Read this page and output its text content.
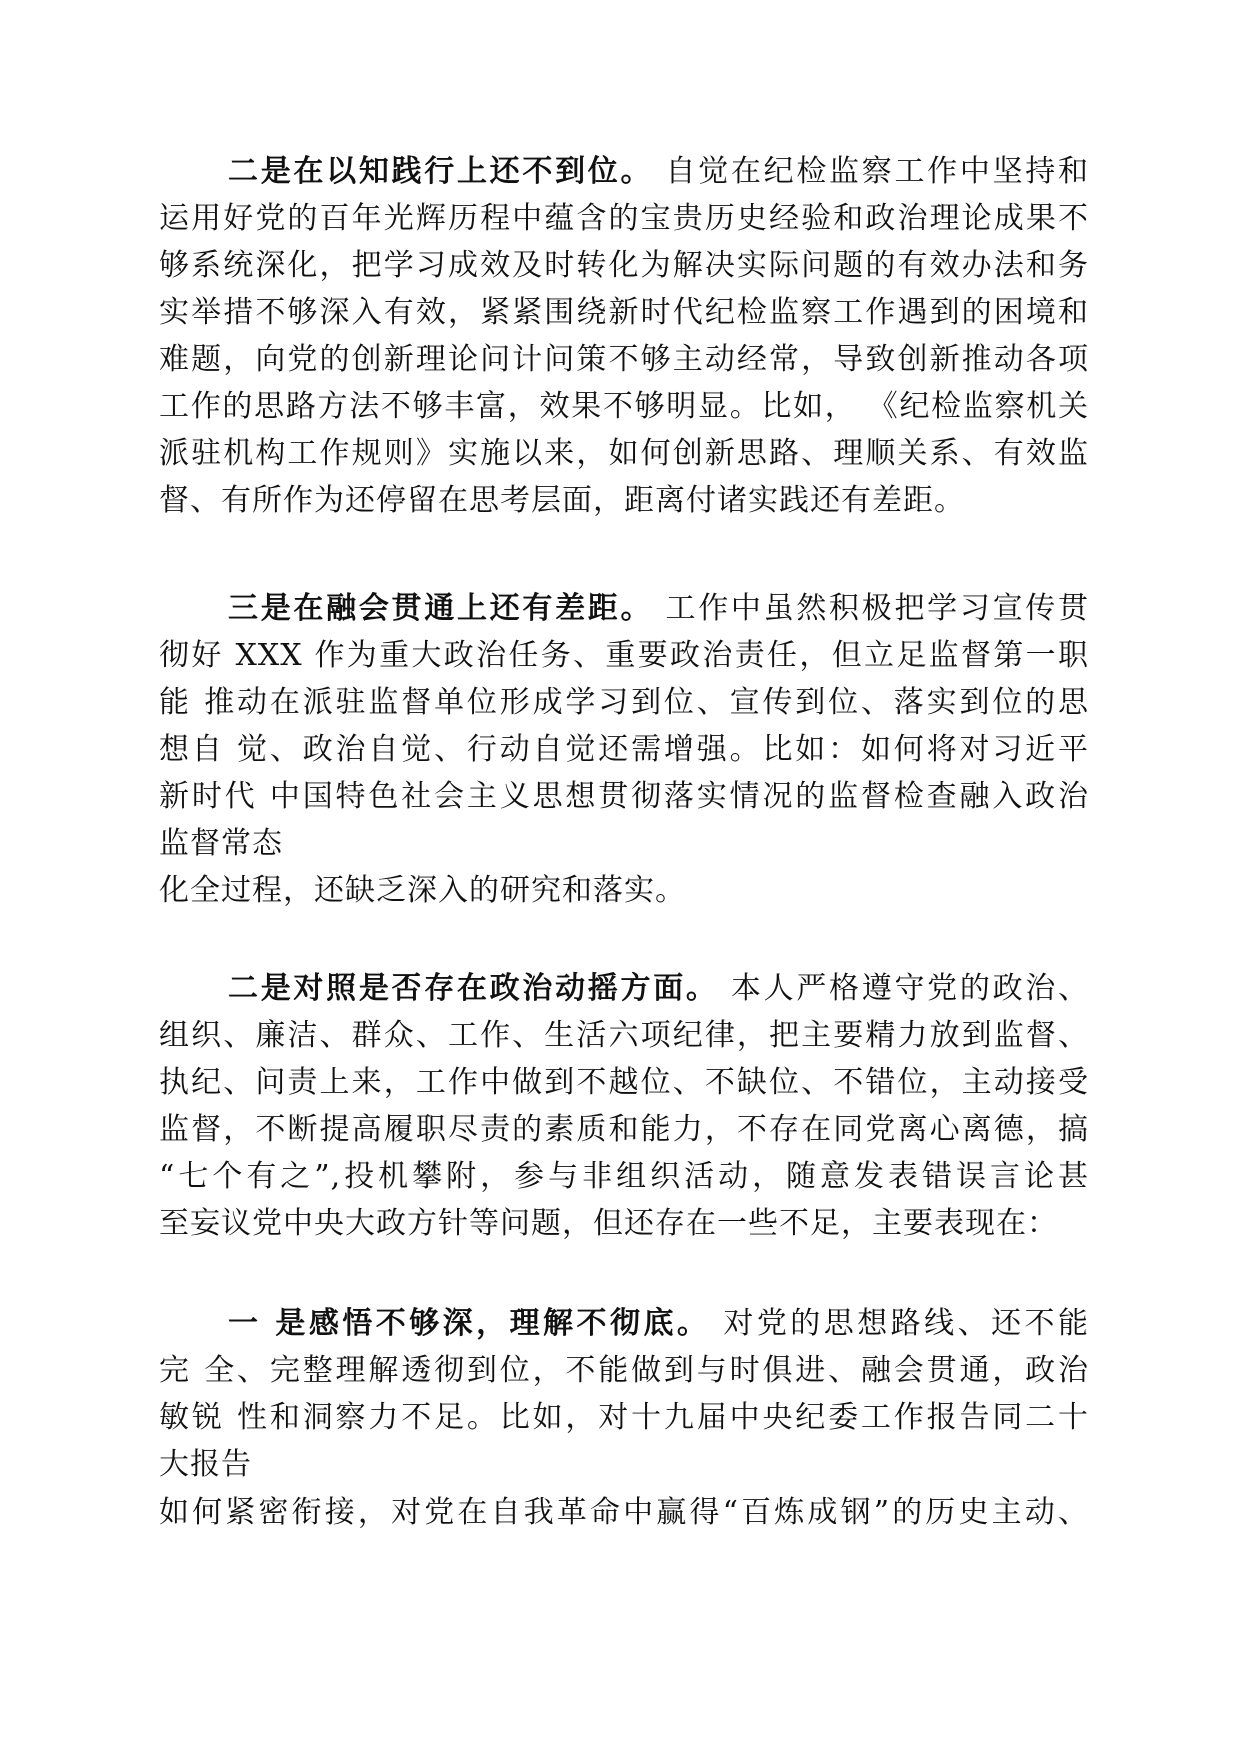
二是在以知践行上还不到位。 自觉在纪检监察工作中坚持和

运用好党的百年光辉历程中蕴含的宝贵历史经验和政治理论成果不

够系统深化，把学习成效及时转化为解决实际问题的有效办法和务

实举措不够深入有效，紧紧围绕新时代纪检监察工作遇到的困境和

难题，向党的创新理论问计问策不够主动经常，导致创新推动各项

工作的思路方法不够丰富，效果不够明显。比如， 《纪检监察机关

派驻机构工作规则》实施以来，如何创新思路、理顺关系、有效监

督、有所作为还停留在思考层面，距离付诸实践还有差距。

三是在融会贯通上还有差距。 工作中虽然积极把学习宣传贯

彻好 XXX 作为重大政治任务、重要政治责任，但立足监督第一职

能 推动在派驻监督单位形成学习到位、宣传到位、落实到位的思

想自 觉、政治自觉、行动自觉还需增强。比如：如何将对习近平

新时代 中国特色社会主义思想贯彻落实情况的监督检查融入政治

监督常态

化全过程，还缺乏深入的研究和落实。

二是对照是否存在政治动摇方面。 本人严格遵守党的政治、

组织、廉洁、群众、工作、生活六项纪律，把主要精力放到监督、

执纪、问责上来，工作中做到不越位、不缺位、不错位，主动接受

监督，不断提高履职尽责的素质和能力，不存在同党离心离德，搞

“七个有之”,投机攀附，参与非组织活动，随意发表错误言论甚

至妄议党中央大政方针等问题，但还存在一些不足，主要表现在：

一 是感悟不够深，理解不彻底。 对党的思想路线、还不能

完 全、完整理解透彻到位，不能做到与时俱进、融会贯通，政治

敏锐 性和洞察力不足。比如，对十九届中央纪委工作报告同二十

大报告

如何紧密衔接，对党在自我革命中赢得“百炼成钢”的历史主动、
